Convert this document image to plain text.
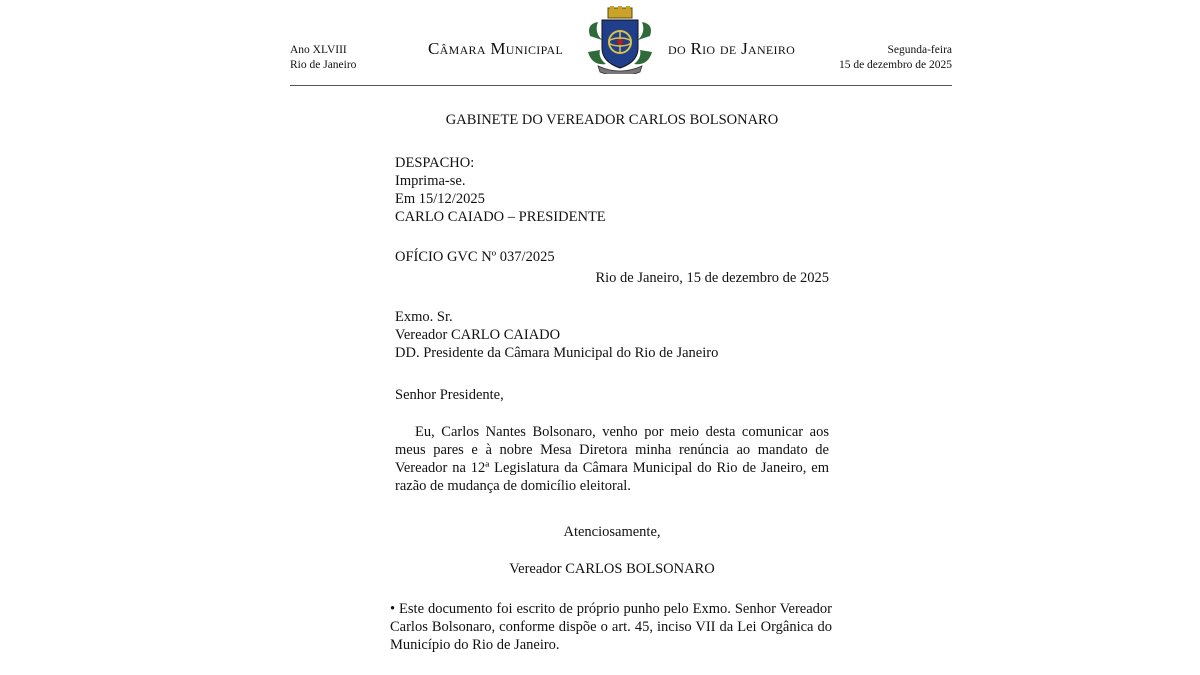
Ano XLVIII
Rio de Janeiro
Câmara Municipal	do Rio de Janeiro	Segunda-feira
15 de dezembro de 2025
GABINETE DO VEREADOR CARLOS BOLSONARO
DESPACHO:
Imprima-se.
Em 15/12/2025
CARLO CAIADO – PRESIDENTE
OFÍCIO GVC Nº 037/2025
Rio de Janeiro, 15 de dezembro de 2025
Exmo. Sr.
Vereador CARLO CAIADO
DD. Presidente da Câmara Municipal do Rio de Janeiro
Senhor Presidente,
Eu, Carlos Nantes Bolsonaro, venho por meio desta comunicar aos meus pares e à nobre Mesa Diretora minha renúncia ao mandato de Vereador na 12ª Legislatura da Câmara Municipal do Rio de Janeiro, em razão de mudança de domicílio eleitoral.
Atenciosamente,
Vereador CARLOS BOLSONARO
• Este documento foi escrito de próprio punho pelo Exmo. Senhor Vereador Carlos Bolsonaro, conforme dispõe o art. 45, inciso VII da Lei Orgânica do Município do Rio de Janeiro.
